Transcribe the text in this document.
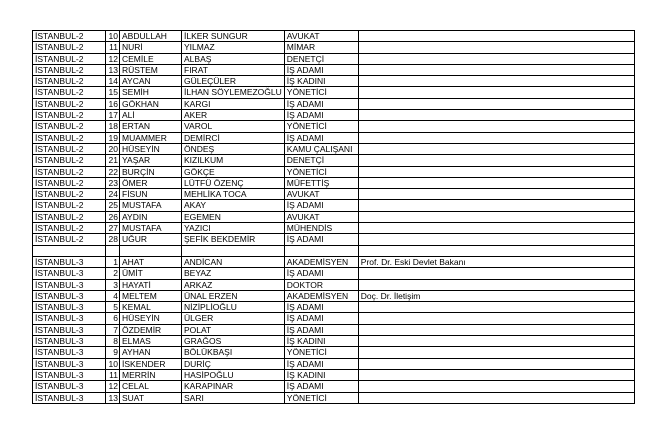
İSTANBUL-2	10	ABDULLAH	İLKER SUNGUR	AVUKAT	
İSTANBUL-2	11	NURİ	YILMAZ	MİMAR	
İSTANBUL-2	12	CEMİLE	ALBAŞ	DENETÇİ	
İSTANBUL-2	13	RÜSTEM	FIRAT	İŞ ADAMI	
İSTANBUL-2	14	AYCAN	GÜLEÇÜLER	İŞ KADINI	
İSTANBUL-2	15	SEMİH	İLHAN SÖYLEMEZOĞLU	YÖNETİCİ	
İSTANBUL-2	16	GÖKHAN	KARGI	İŞ ADAMI	
İSTANBUL-2	17	ALİ	AKER	İŞ ADAMI	
İSTANBUL-2	18	ERTAN	VAROL	YÖNETİCİ	
İSTANBUL-2	19	MUAMMER	DEMİRCİ	İŞ ADAMI	
İSTANBUL-2	20	HÜSEYİN	ÖNDEŞ	KAMU ÇALIŞANI	
İSTANBUL-2	21	YAŞAR	KIZILKUM	DENETÇİ	
İSTANBUL-2	22	BURÇİN	GÖKÇE	YÖNETİCİ	
İSTANBUL-2	23	ÖMER	LÜTFÜ ÖZENÇ	MÜFETTİŞ	
İSTANBUL-2	24	FİSUN	MEHLİKA TOCA	AVUKAT	
İSTANBUL-2	25	MUSTAFA	AKAY	İŞ ADAMI	
İSTANBUL-2	26	AYDIN	EGEMEN	AVUKAT	
İSTANBUL-2	27	MUSTAFA	YAZICI	MÜHENDİS	
İSTANBUL-2	28	UĞUR	ŞEFİK BEKDEMİR	İŞ ADAMI	

İSTANBUL-3	1	AHAT	ANDİCAN	AKADEMİSYEN	Prof. Dr. Eski Devlet Bakanı
İSTANBUL-3	2	ÜMİT	BEYAZ	İŞ ADAMI	
İSTANBUL-3	3	HAYATİ	ARKAZ	DOKTOR	
İSTANBUL-3	4	MELTEM	ÜNAL ERZEN	AKADEMİSYEN	Doç. Dr. İletişim
İSTANBUL-3	5	KEMAL	NİZİPLİOĞLU	İŞ ADAMI	
İSTANBUL-3	6	HÜSEYİN	ÜLGER	İŞ ADAMI	
İSTANBUL-3	7	ÖZDEMİR	POLAT	İŞ ADAMI	
İSTANBUL-3	8	ELMAS	GRAĞOS	İŞ KADINI	
İSTANBUL-3	9	AYHAN	BÖLÜKBAŞI	YÖNETİCİ	
İSTANBUL-3	10	İSKENDER	DURİÇ	İŞ ADAMI	
İSTANBUL-3	11	MERRİN	HASİPOĞLU	İŞ KADINI	
İSTANBUL-3	12	CELAL	KARAPINAR	İŞ ADAMI	
İSTANBUL-3	13	SUAT	SARI	YÖNETİCİ	
